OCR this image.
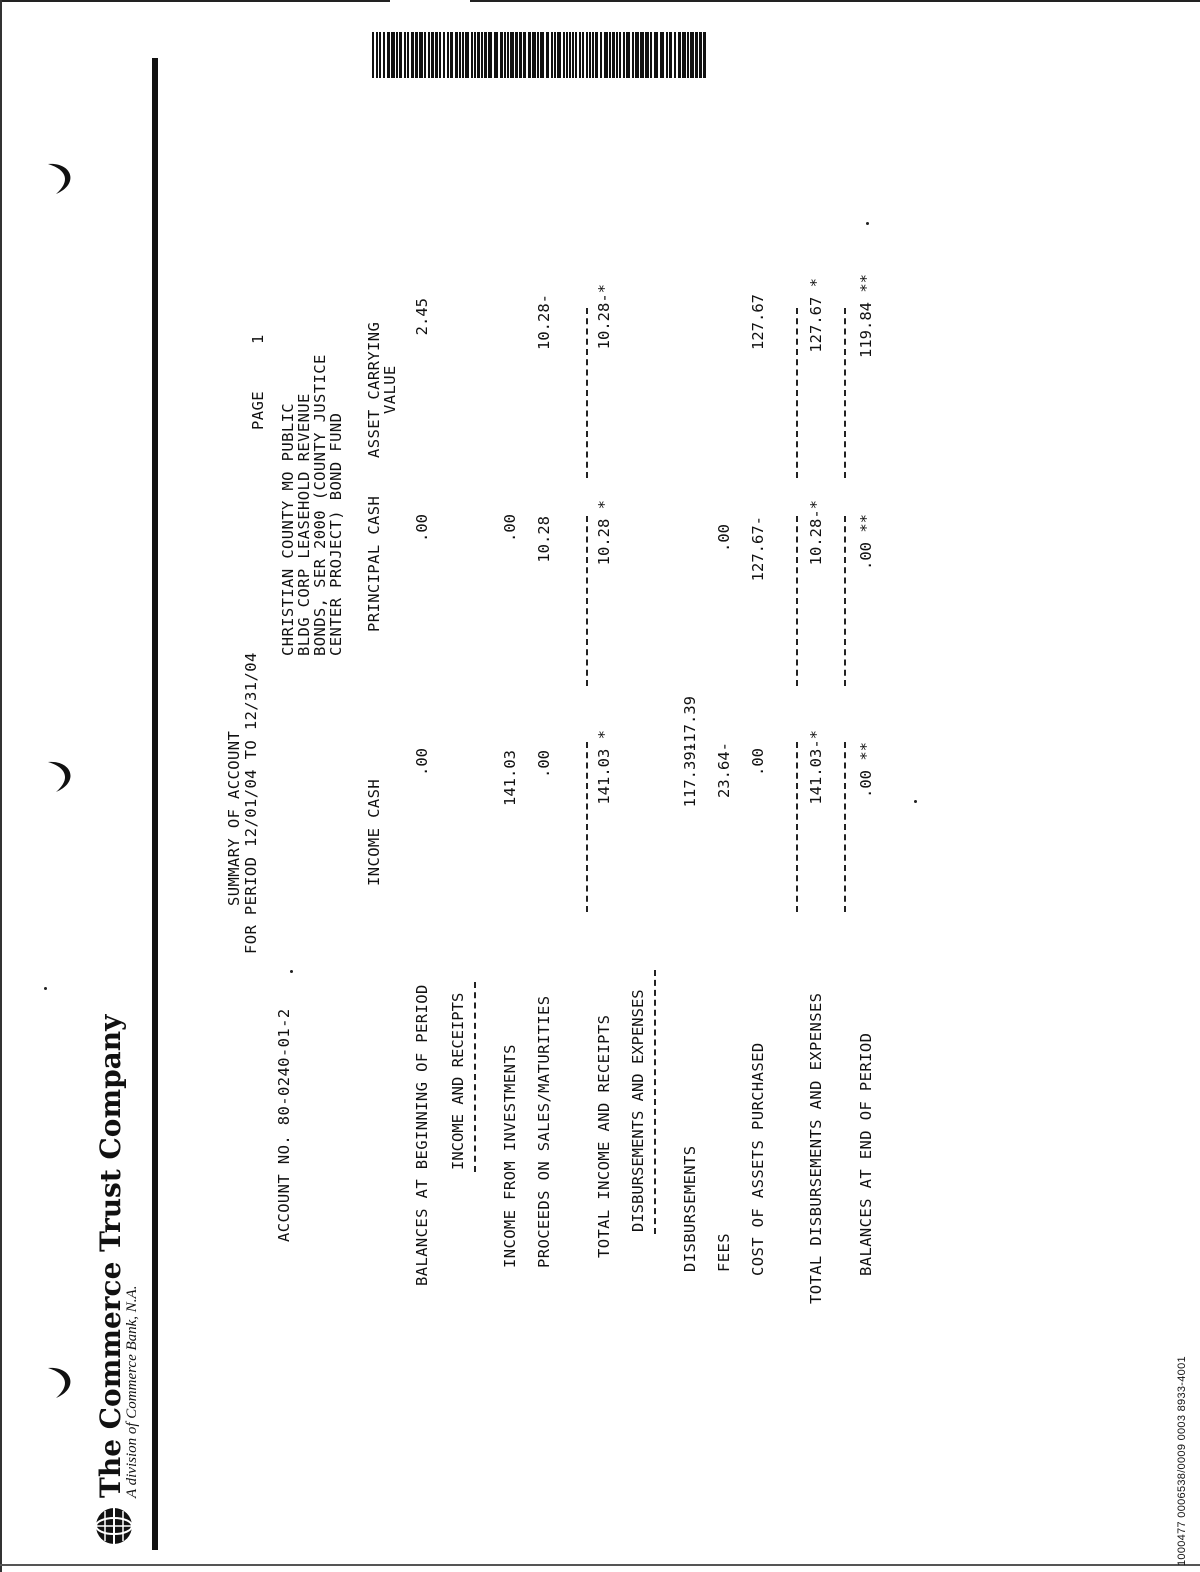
The Commerce Trust Company
A division of Commerce Bank, N.A.
ACCOUNT NO. 80-0240-01-2
SUMMARY OF ACCOUNT FOR PERIOD 12/01/04 TO 12/31/04
CHRISTIAN COUNTY MO PUBLIC
BLDG CORP LEASEHOLD REVENUE
BONDS, SER 2000 (COUNTY JUSTICE
CENTER PROJECT) BOND FUND
PAGE
1
INCOME CASH
PRINCIPAL CASH
ASSET CARRYING
VALUE
BALANCES AT BEGINNING OF PERIOD
.00
.00
2.45
INCOME AND RECEIPTS INCOME FROM INVESTMENTS
141.03
.00
PROCEEDS ON SALES/MATURITIES
.00
10.28
10.28-
TOTAL INCOME AND RECEIPTS
141.03 *
10.28 *
10.28-*
DISBURSEMENTS AND EXPENSES DISBURSEMENTS
117.39-
117.39
FEES
23.64-
.00
COST OF ASSETS PURCHASED
.00
127.67-
127.67
TOTAL DISBURSEMENTS AND EXPENSES
141.03-*
10.28-*
127.67 *
BALANCES AT END OF PERIOD
.00 **
.00 **
119.84 **
1000477 0006538/0009 0003 8933-4001
